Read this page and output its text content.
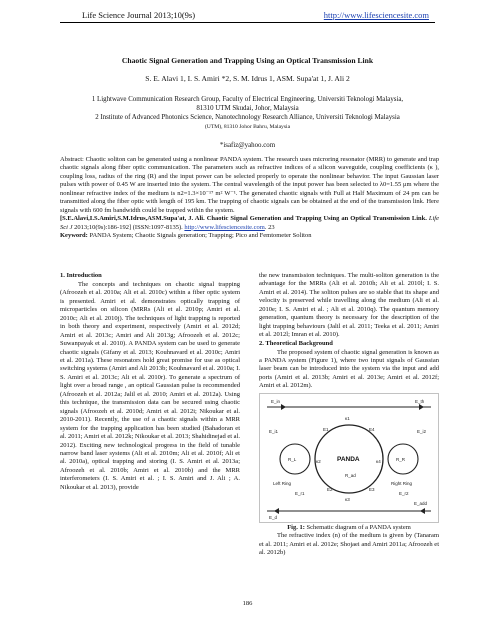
Life Science Journal 2013;10(9s)	http://www.lifesciencesite.com
Chaotic Signal Generation and Trapping Using an Optical Transmission Link
S. E. Alavi 1, I. S. Amiri *2, S. M. Idrus 1, ASM. Supa'at 1, J. Ali 2
1 Lightwave Communication Research Group, Faculty of Electrical Engineering, Universiti Teknologi Malaysia,
81310 UTM Skudai, Johor, Malaysia
2 Institute of Advanced Photonics Science, Nanotechnology Research Alliance, Universiti Teknologi Malaysia
(UTM), 81310 Johor Bahru, Malaysia
*isafiz@yahoo.com
Abstract: Chaotic soliton can be generated using a nonlinear PANDA system. The research uses microring resonator (MRR) to generate and trap chaotic signals along fiber optic communication. The parameters such as refractive indices of a silicon waveguide, coupling coefficients (κ ), coupling loss, radius of the ring (R) and the input power can be selected properly to operate the nonlinear behavior. The input Gaussian laser pulses with power of 0.45 W are inserted into the system. The central wavelength of the input power has been selected to λ0=1.55 μm where the nonlinear refractive index of the medium is n2=1.3×10⁻¹⁷ m² W⁻¹. The generated chaotic signals with Full at Half Maximum of 24 pm can be transmitted along the fiber optic with length of 195 km. The trapping of chaotic signals can be obtained at the end of the transmission link. Here signals with 600 fm bandwidth could be trapped within the system.
[S.E.Alavi,I.S.Amiri,S.M.Idrus,ASM.Supa'at, J. Ali. Chaotic Signal Generation and Trapping Using an Optical Transmission Link. Life Sci J 2013;10(9s):186-192] (ISSN:1097-8135). http://www.lifesciencesite.com. 23
Keyword: PANDA System; Chaotic Signals generation; Trapping; Pico and Femtometer Soliton
1. Introduction

The concepts and techniques on chaotic signal trapping (Afroozeh et al. 2010a; Ali et al. 2010c) within a fiber optic system is presented. Amiri et al. demonstrates optically trapping of microparticles on silicon (MRRs (Ali et al. 2010p; Amiri et al. 2010c; Ali et al. 2010j). The techniques of light trapping is reported in both theory and experiment, respectively (Amiri et al. 2012d; Amiri et al. 2013c; Amiri and Ali 2013g; Afroozeh et al. 2012c; Suwanpayak et al. 2010). A PANDA system can be used to generate chaotic signals (Gifany et al. 2013; Kouhnavard et al. 2010c; Amiri et al. 2011a). These resonators hold great promise for use as optical switching systems (Amiri and Ali 2013b; Kouhnavard et al. 2010a; I. S. Amiri et al. 2013c; Ali et al. 2010r). To generate a spectrum of light over a broad range , an optical Gaussian pulse is recommended (Afroozeh et al. 2012a; Jalil et al. 2010; Amiri et al. 2012a). Using this technique, the transmission data can be secured using chaotic signals (Afroozeh et al. 2010d; Amiri et al. 2012i; Nikoukar et al. 2010-2011). Recently, the use of a chaotic signals within a MRR system for the trapping application has been studied (Bahadoran et al. 2011; Amiri et al. 2012k; Nikoukar et al. 2013; Shahidinejad et al. 2012). Exciting new technological progress in the field of tunable narrow band laser systems (Ali et al. 2010m; Ali et al. 2010f; Ali et al. 2010a), optical trapping and storing (I. S. Amiri et al. 2013a; Afroozeh et al. 2010b; Amiri et al. 2010b) and the MRR interferometers (I. S. Amiri et al. ; I. S. Amiri and J. Ali ; A. Nikoukar et al. 2013), provide

the new transmission techniques. The multi-soliton generation is the advantage for the MRRs (Ali et al. 2010h; Ali et al. 2010l; I. S. Amiri et al. 2014). The soliton pulses are so stable that its shape and velocity is preserved while travelling along the medium (Ali et al. 2010e; I. S. Amiri et al. ; Ali et al. 2010q). The quantum memory generation, quantum theory is necessary for the description of the light trapping behaviours (Jalil et al. 2011; Teeka et al. 2011; Amiri et al. 2012l; Imran et al. 2010).

2. Theoretical Background

The proposed system of chaotic signal generation is known as a PANDA system (Figure 1), where two input signals of Gaussian laser beam can be introduced into the system via the input and add ports (Amiri et al. 2013b; Amiri et al. 2013e; Amiri et al. 2012f; Amiri et al. 2012m).

PANDA
E_in	E_th
E_add
E_d
E_i1	E_i2
E1	E4
E2	E3
κ1
κ2
κ3
κ4
R_L	R_R
R_ad
Left Ring	Right Ring
E_r1	E_r2
Fig. 1: Schematic diagram of a PANDA system

The refractive index (n) of the medium is given by (Tanaram et al. 2011; Amiri et al. 2012e; Shojaei and Amiri 2011a; Afroozeh et al. 2012b)

186
